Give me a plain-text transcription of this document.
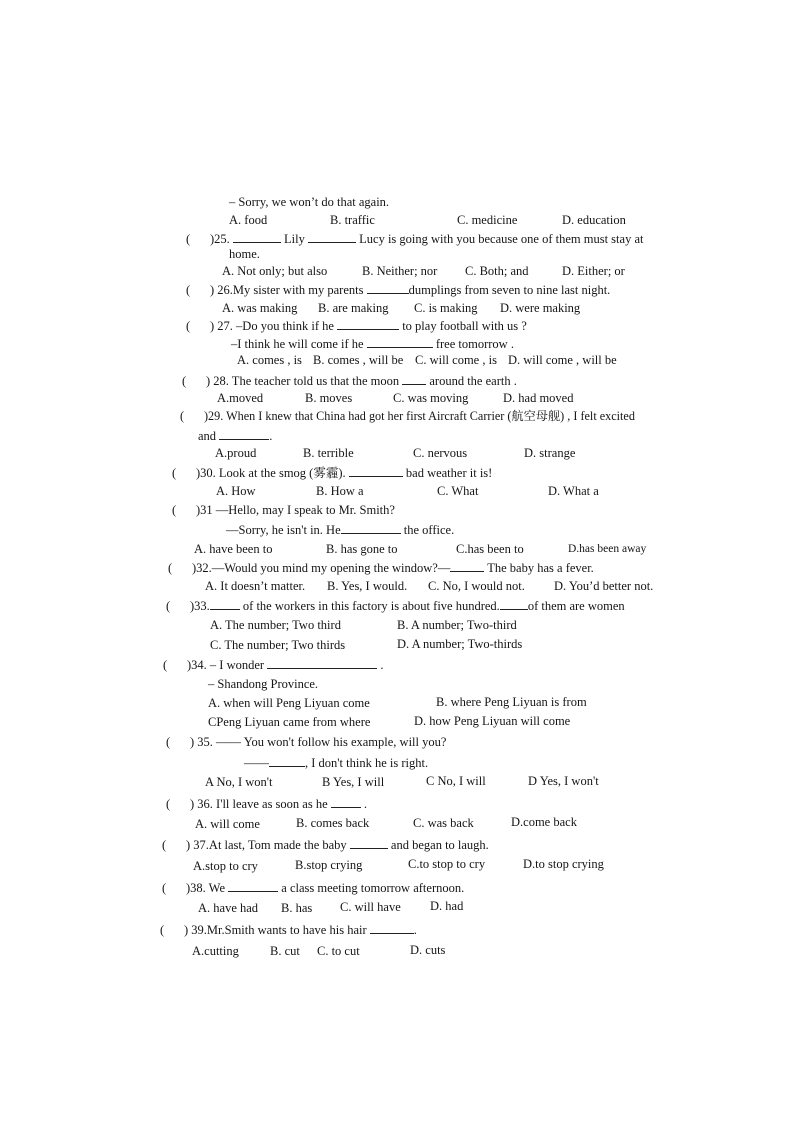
– Sorry, we won’t do that again.
A. food	B. traffic	C. medicine	D. education
( )25.	Lily	Lucy is going with you because one of them must stay at
home.
A. Not only; but also	B. Neither; nor C. Both; and	D. Either; or
( ) 26.My sister with my parents	dumplings from seven to nine last night.
A. was making B. are making C. is making D. were making
( ) 27. –Do you think if he	to play football with us ?
–I think he will come if he	free tomorrow .
A. comes , is B. comes , will be C. will come , is D. will come , will be
( ) 28. The teacher told us that the moon around the earth .
A.moved	B. moves	C. was moving	D. had moved
( )29. When I knew that China had got her first Aircraft Carrier (航空母舰) , I felt excited
and	.
A.proud	B. terrible	C. nervous	D. strange
( )30. Look at the smog (雾霾).	bad weather it is!
A. How	B. How a	C. What	D. What a
( )31 —Hello, may I speak to Mr. Smith?
—Sorry, he isn't in. He	the office.
A. have been to	B. has gone to	C.has been to	D.has been away
( )32.—Would you mind my opening the window?—	The baby has a fever.
A. It doesn’t matter. B. Yes, I would. C. No, I would not. D. You’d better not.
( )33.	of the workers in this factory is about five hundred. of them are women
A. The number; Two third	B. A number; Two-third
C. The number; Two thirds	D. A number; Two-thirds
( )34. – I wonder	.
– Shandong Province.
A. when will Peng Liyuan come	B. where Peng Liyuan is from
CPeng Liyuan came from where	D. how Peng Liyuan will come
( ) 35. —— You won't follow his example, will you?
——	, I don't think he is right.
A No, I won't	B Yes, I will	C No, I will	D Yes, I won't
( ) 36. I'll leave as soon as he	.
A. will come	B. comes back	C. was back	D.come back
( ) 37.At last, Tom made the baby	and began to laugh.
A.stop to cry	B.stop crying	C.to stop to cry	D.to stop crying
( )38. We	a class meeting tomorrow afternoon.
A. have had B. has C. will have D. had
( ) 39.Mr.Smith wants to have his hair	.
A.cutting B. cut C. to cut	D. cuts
